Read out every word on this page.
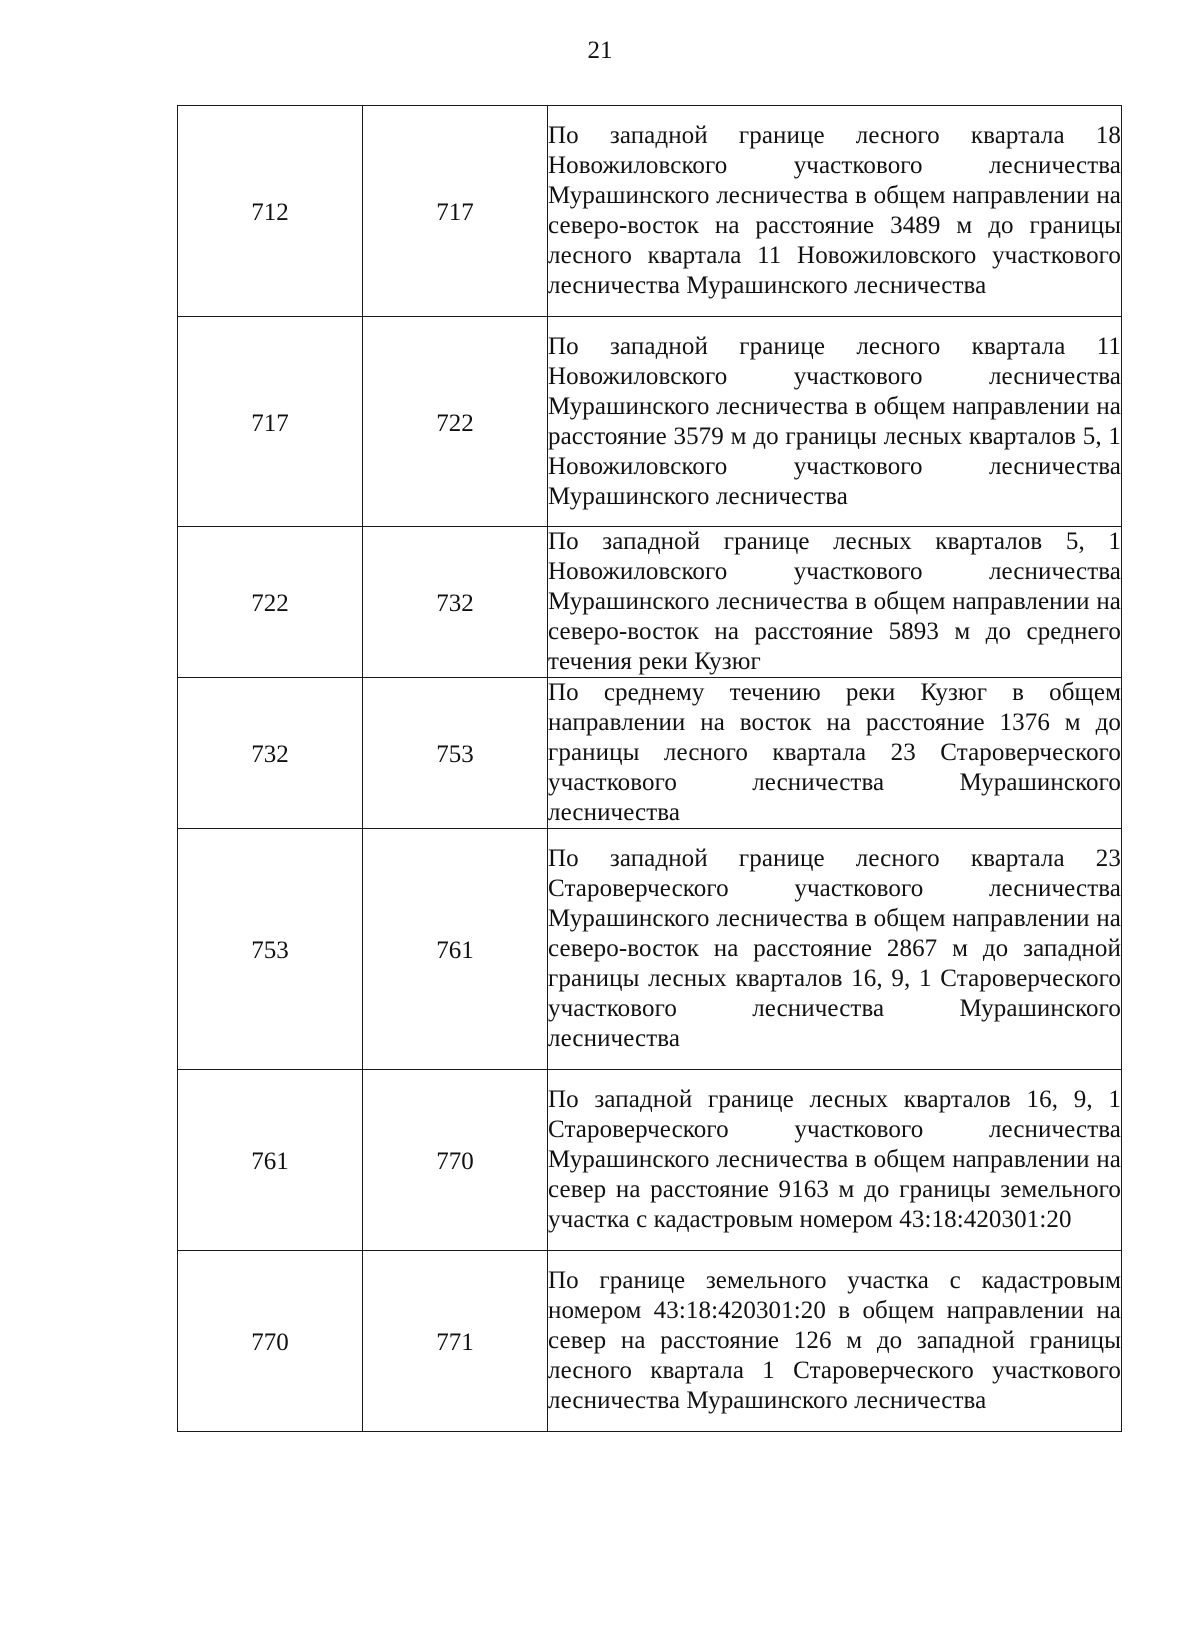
21
712	717	По западной границе лесного квартала 18 Новожиловского участкового лесничества Мурашинского лесничества в общем направлении на северо-восток на расстояние 3489 м до границы лесного квартала 11 Новожиловского участкового лесничества Мурашинского лесничества
717	722	По западной границе лесного квартала 11 Новожиловского участкового лесничества Мурашинского лесничества в общем направлении на расстояние 3579 м до границы лесных кварталов 5, 1 Новожиловского участкового лесничества Мурашинского лесничества
722	732	По западной границе лесных кварталов 5, 1 Новожиловского участкового лесничества Мурашинского лесничества в общем направлении на северо-восток на расстояние 5893 м до среднего течения реки Кузюг
732	753	По среднему течению реки Кузюг в общем направлении на восток на расстояние 1376 м до границы лесного квартала 23 Староверческого участкового лесничества Мурашинского лесничества
753	761	По западной границе лесного квартала 23 Староверческого участкового лесничества Мурашинского лесничества в общем направлении на северо-восток на расстояние 2867 м до западной границы лесных кварталов 16, 9, 1 Староверческого участкового лесничества Мурашинского лесничества
761	770	По западной границе лесных кварталов 16, 9, 1 Староверческого участкового лесничества Мурашинского лесничества в общем направлении на север на расстояние 9163 м до границы земельного участка с кадастровым номером 43:18:420301:20
770	771	По границе земельного участка с кадастровым номером 43:18:420301:20 в общем направлении на север на расстояние 126 м до западной границы лесного квартала 1 Староверческого участкового лесничества Мурашинского лесничества
